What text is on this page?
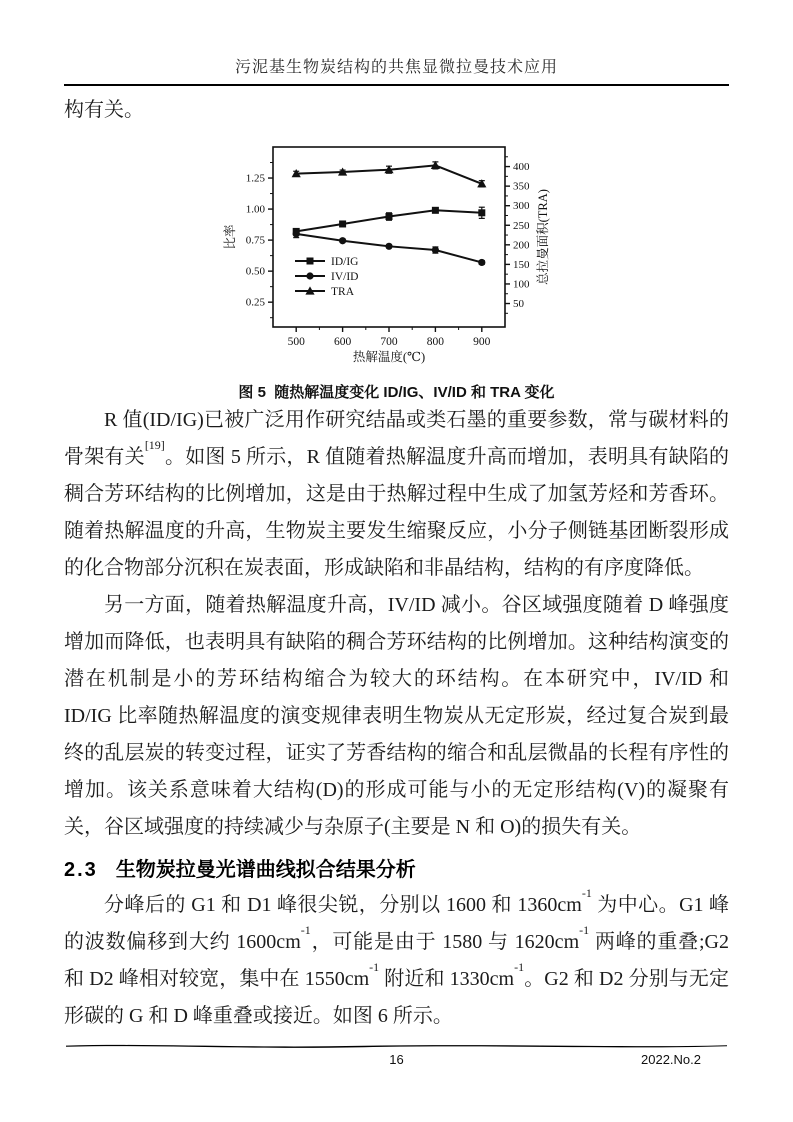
污泥基生物炭结构的共焦显微拉曼技术应用

构有关。

0.25
0.50
0.75
1.00
1.25
50
100
150
200
250
300
350
400
500	600	700	800	900
热解温度(℃)
比率	总拉曼面积(TRA)
ID/IG
IV/ID
TRA
图 5  随热解温度变化 ID/IG、IV/ID 和 TRA 变化

R 值(ID/IG)已被广泛用作研究结晶或类石墨的重要参数，常与碳材料的骨架有关[19]。如图 5 所示，R 值随着热解温度升高而增加，表明具有缺陷的稠合芳环结构的比例增加，这是由于热解过程中生成了加氢芳烃和芳香环。随着热解温度的升高，生物炭主要发生缩聚反应，小分子侧链基团断裂形成的化合物部分沉积在炭表面，形成缺陷和非晶结构，结构的有序度降低。

另一方面，随着热解温度升高，IV/ID 减小。谷区域强度随着 D 峰强度增加而降低，也表明具有缺陷的稠合芳环结构的比例增加。这种结构演变的潜在机制是小的芳环结构缩合为较大的环结构。在本研究中，IV/ID 和 ID/IG 比率随热解温度的演变规律表明生物炭从无定形炭，经过复合炭到最终的乱层炭的转变过程，证实了芳香结构的缩合和乱层微晶的长程有序性的增加。该关系意味着大结构(D)的形成可能与小的无定形结构(V)的凝聚有关，谷区域强度的持续减少与杂原子(主要是 N 和 O)的损失有关。

2.3 生物炭拉曼光谱曲线拟合结果分析

分峰后的 G1 和 D1 峰很尖锐，分别以 1600 和 $1360cm^{-1}$ 为中心。G1 峰的波数偏移到大约 $1600cm^{-1}$，可能是由于 1580 与 $1620cm^{-1}$ 两峰的重叠;G2 和 D2 峰相对较宽，集中在 $1550cm^{-1}$ 附近和 $1330cm^{-1}$。G2 和 D2 分别与无定形碳的 G 和 D 峰重叠或接近。如图 6 所示。

16	2022.No.2
